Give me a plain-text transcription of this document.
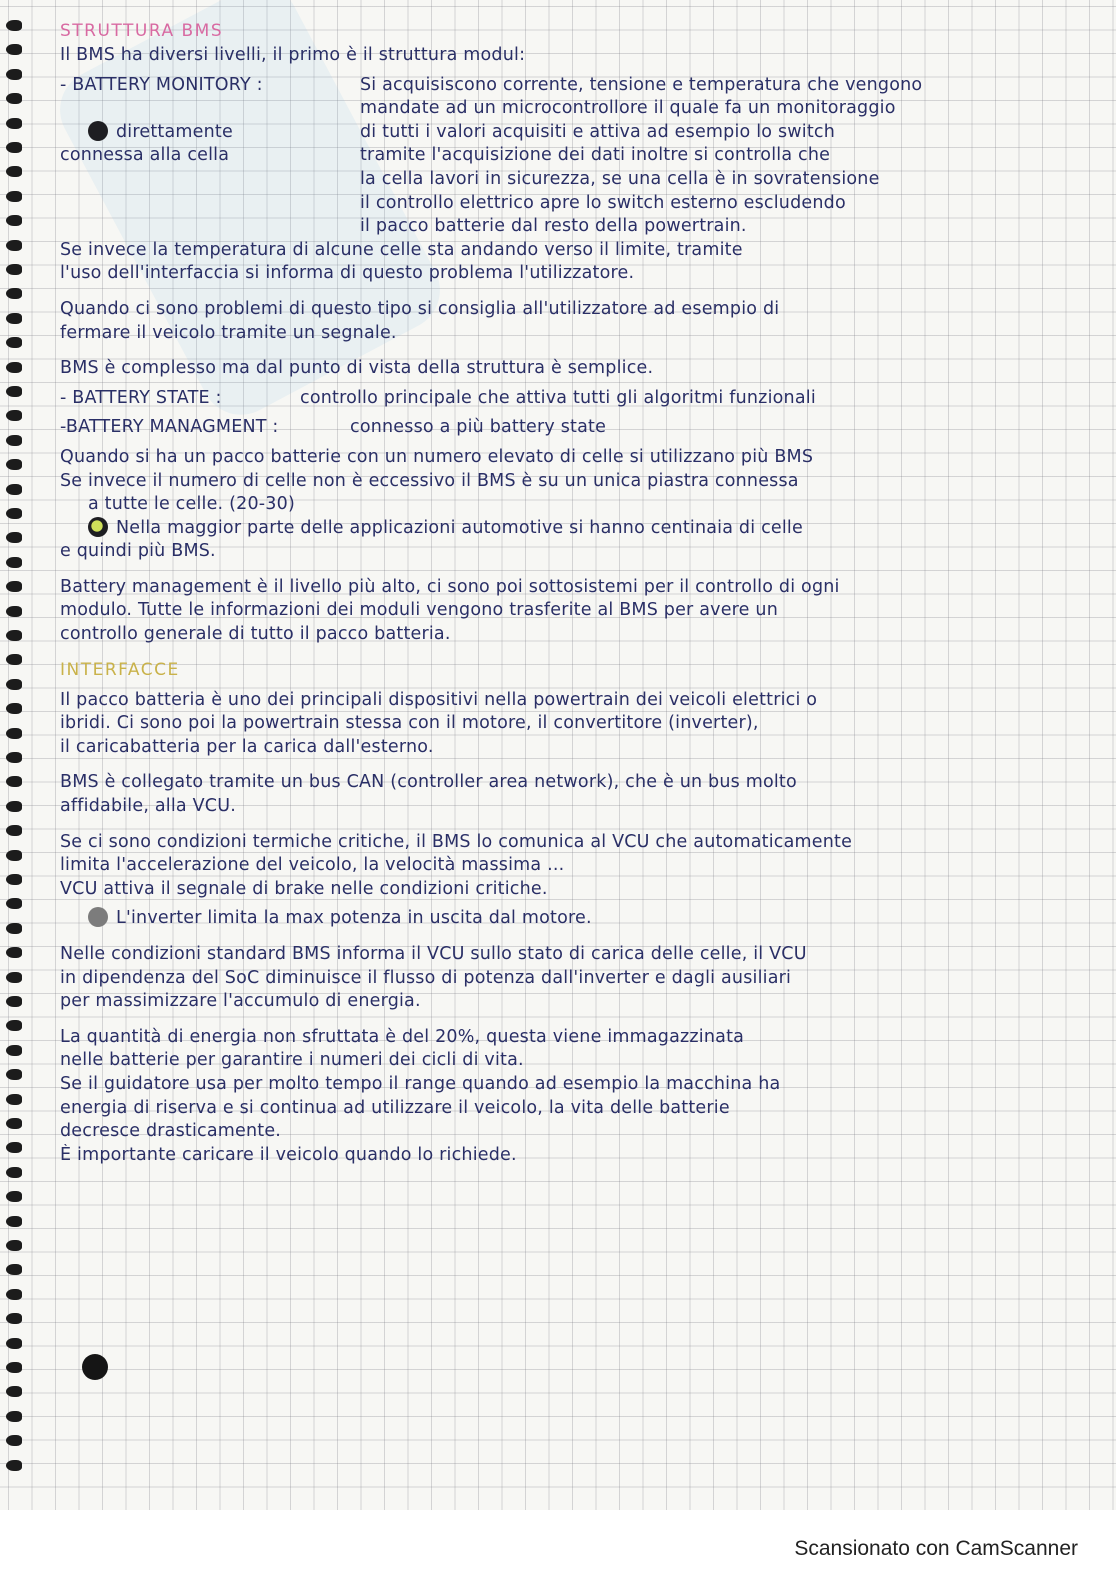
STRUTTURA BMS
Il BMS ha diversi livelli, il primo è il struttura modul:
- BATTERY MONITORY :
direttamente
connessa alla cella
Si acquisiscono corrente, tensione e temperatura che vengono
mandate ad un microcontrollore il quale fa un monitoraggio
di tutti i valori acquisiti e attiva ad esempio lo switch
tramite l'acquisizione dei dati inoltre si controlla che
la cella lavori in sicurezza, se una cella è in sovratensione
il controllo elettrico apre lo switch esterno escludendo
il pacco batterie dal resto della powertrain.
Se invece la temperatura di alcune celle sta andando verso il limite, tramite
l'uso dell'interfaccia si informa di questo problema l'utilizzatore.
Quando ci sono problemi di questo tipo si consiglia all'utilizzatore ad esempio di
fermare il veicolo tramite un segnale.
BMS è complesso ma dal punto di vista della struttura è semplice.
- BATTERY STATE :	controllo principale che attiva tutti gli algoritmi funzionali
-BATTERY MANAGMENT :	connesso a più battery state
Quando si ha un pacco batterie con un numero elevato di celle si utilizzano più BMS
Se invece il numero di celle non è eccessivo il BMS è su un unica piastra connessa
a tutte le celle. (20-30)
Nella maggior parte delle applicazioni automotive si hanno centinaia di celle
e quindi più BMS.
Battery management è il livello più alto, ci sono poi sottosistemi per il controllo di ogni
modulo. Tutte le informazioni dei moduli vengono trasferite al BMS per avere un
controllo generale di tutto il pacco batteria.
INTERFACCE
Il pacco batteria è uno dei principali dispositivi nella powertrain dei veicoli elettrici o
ibridi. Ci sono poi la powertrain stessa con il motore, il convertitore (inverter),
il caricabatteria per la carica dall'esterno.
BMS è collegato tramite un bus CAN (controller area network), che è un bus molto
affidabile, alla VCU.
Se ci sono condizioni termiche critiche, il BMS lo comunica al VCU che automaticamente
limita l'accelerazione del veicolo, la velocità massima ...
VCU attiva il segnale di brake nelle condizioni critiche.
L'inverter limita la max potenza in uscita dal motore.
Nelle condizioni standard BMS informa il VCU sullo stato di carica delle celle, il VCU
in dipendenza del SoC diminuisce il flusso di potenza dall'inverter e dagli ausiliari
per massimizzare l'accumulo di energia.
La quantità di energia non sfruttata è del 20%, questa viene immagazzinata
nelle batterie per garantire i numeri dei cicli di vita.
Se il guidatore usa per molto tempo il range quando ad esempio la macchina ha
energia di riserva e si continua ad utilizzare il veicolo, la vita delle batterie
decresce drasticamente.
È importante caricare il veicolo quando lo richiede.
Scansionato con CamScanner
